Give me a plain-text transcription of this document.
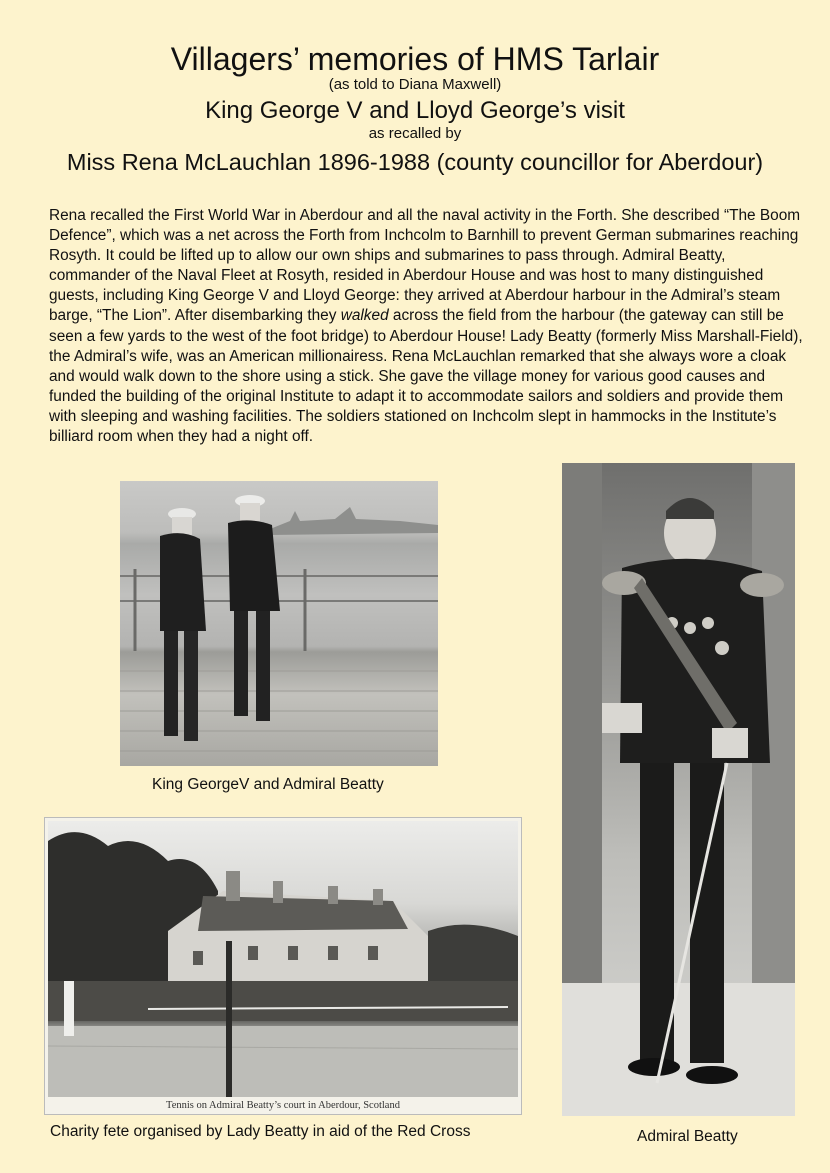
Villagers’ memories of HMS Tarlair
(as told to Diana Maxwell)
King George V and Lloyd George’s visit
as recalled by
Miss Rena McLauchlan 1896-1988 (county councillor for Aberdour)

Rena recalled the First World War in Aberdour and all the naval activity in the Forth. She described “The Boom Defence”, which was a net across the Forth from Inchcolm to Barnhill to prevent German submarines reaching Rosyth. It could be lifted up to allow our own ships and submarines to pass through. Admiral Beatty, commander of the Naval Fleet at Rosyth, resided in Aberdour House and was host to many distinguished guests, including King George V and Lloyd George: they arrived at Aberdour harbour in the Admiral’s steam barge, “The Lion”. After disembarking they walked across the field from the harbour (the gateway can still be seen a few yards to the west of the foot bridge) to Aberdour House! Lady Beatty (formerly Miss Marshall-Field), the Admiral’s wife, was an American millionairess. Rena McLauchlan remarked that she always wore a cloak and would walk down to the shore using a stick. She gave the village money for various good causes and funded the building of the original Institute to adapt it to accommodate sailors and soldiers and provide them with sleeping and washing facilities. The soldiers stationed on Inchcolm slept in hammocks in the Institute’s billiard room when they had a night off.

King GeorgeV and Admiral Beatty
Tennis on Admiral Beatty’s court in Aberdour, Scotland
Charity fete organised by Lady Beatty in aid of the Red Cross	Admiral Beatty
